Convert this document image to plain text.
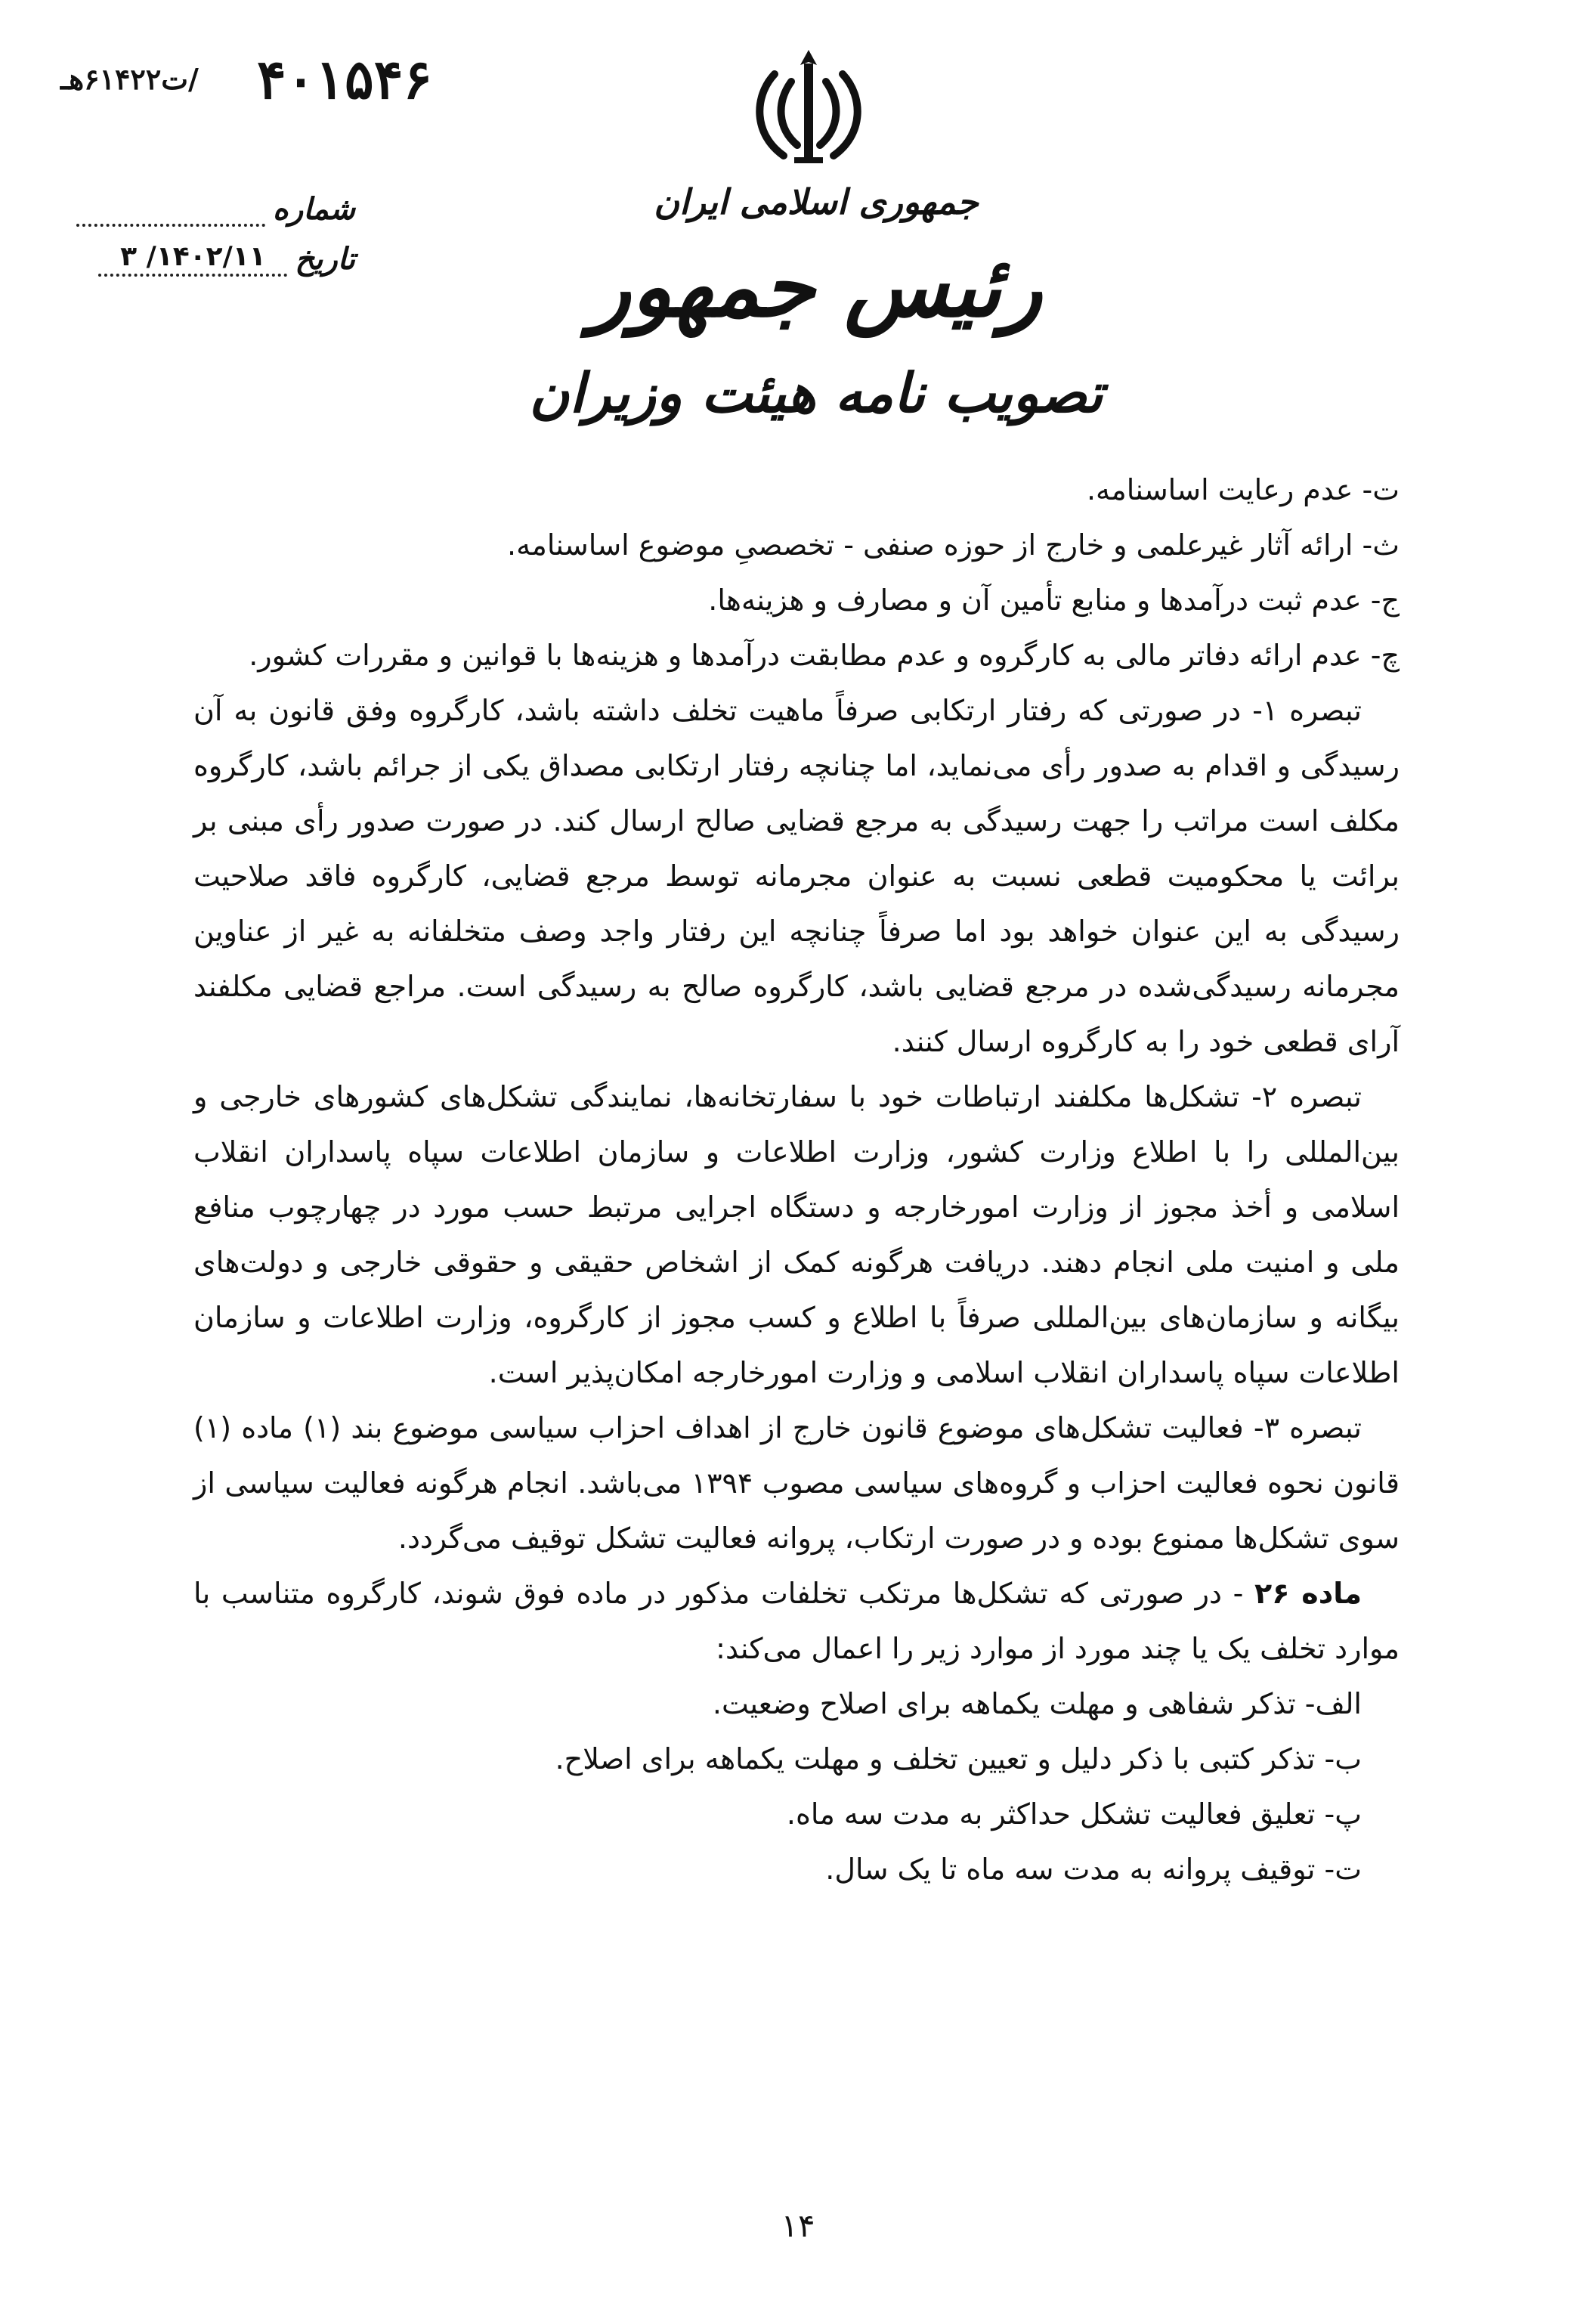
/ت۶۱۴۲۲هـ ۴۰۱۵۴۶
شماره
تاریخ
۱۴۰۲/۱۱/ ۳
جمهوری اسلامی ایران
رئیس جمهور
تصویب نامه هیئت وزیران

ت- عدم رعایت اساسنامه.

ث- ارائه آثار غیرعلمی و خارج از حوزه صنفی - تخصصیِ موضوع اساسنامه.

ج- عدم ثبت درآمدها و منابع تأمین آن و مصارف و هزینه‌ها.

چ- عدم ارائه دفاتر مالی به کارگروه و عدم مطابقت درآمدها و هزینه‌ها با قوانین و مقررات کشور.

تبصره ۱- در صورتی که رفتار ارتکابی صرفاً ماهیت تخلف داشته باشد، کارگروه وفق قانون به آن رسیدگی و اقدام به صدور رأی می‌نماید، اما چنانچه رفتار ارتکابی مصداق یکی از جرائم باشد، کارگروه مکلف است مراتب را جهت رسیدگی به مرجع قضایی صالح ارسال کند. در صورت صدور رأی مبنی بر برائت یا محکومیت قطعی نسبت به عنوان مجرمانه توسط مرجع قضایی، کارگروه فاقد صلاحیت رسیدگی به این عنوان خواهد بود اما صرفاً چنانچه این رفتار واجد وصف متخلفانه به غیر از عناوین مجرمانه رسیدگی‌شده در مرجع قضایی باشد، کارگروه صالح به رسیدگی است. مراجع قضایی مکلفند آرای قطعی خود را به کارگروه ارسال کنند.

تبصره ۲- تشکل‌ها مکلفند ارتباطات خود با سفارتخانه‌ها، نمایندگی تشکل‌های کشورهای خارجی و بین‌المللی را با اطلاع وزارت کشور، وزارت اطلاعات و سازمان اطلاعات سپاه پاسداران انقلاب اسلامی و أخذ مجوز از وزارت امورخارجه و دستگاه اجرایی مرتبط حسب مورد در چهارچوب منافع ملی و امنیت ملی انجام دهند. دریافت هرگونه کمک از اشخاص حقیقی و حقوقی خارجی و دولت‌های بیگانه و سازمان‌های بین‌المللی صرفاً با اطلاع و کسب مجوز از کارگروه، وزارت اطلاعات و سازمان اطلاعات سپاه پاسداران انقلاب اسلامی و وزارت امورخارجه امکان‌پذیر است.

تبصره ۳- فعالیت تشکل‌های موضوع قانون خارج از اهداف احزاب سیاسی موضوع بند (۱) ماده (۱) قانون نحوه فعالیت احزاب و گروه‌های سیاسی مصوب ۱۳۹۴ می‌باشد. انجام هرگونه فعالیت سیاسی از سوی تشکل‌ها ممنوع بوده و در صورت ارتکاب، پروانه فعالیت تشکل توقیف می‌گردد.

ماده ۲۶ - در صورتی که تشکل‌ها مرتکب تخلفات مذکور در ماده فوق شوند، کارگروه متناسب با موارد تخلف یک یا چند مورد از موارد زیر را اعمال می‌کند:

الف- تذکر شفاهی و مهلت یکماهه برای اصلاح وضعیت.

ب- تذکر کتبی با ذکر دلیل و تعیین تخلف و مهلت یکماهه برای اصلاح.

پ- تعلیق فعالیت تشکل حداکثر به مدت سه ماه.

ت- توقیف پروانه به مدت سه ماه تا یک سال.

۱۴
